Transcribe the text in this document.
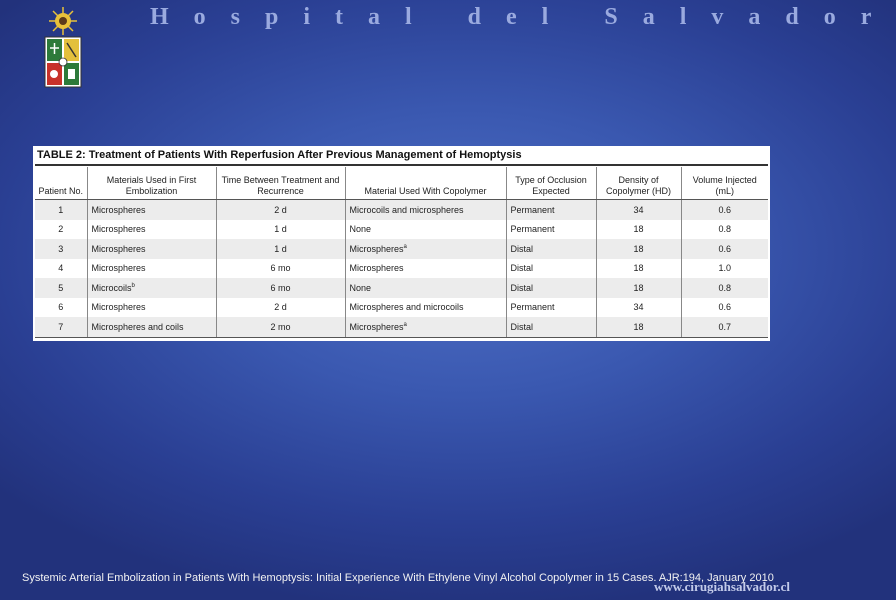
Hospital del Salvador
TABLE 2: Treatment of Patients With Reperfusion After Previous Management of Hemoptysis
Patient No.	Materials Used in First Embolization	Time Between Treatment and Recurrence	Material Used With Copolymer	Type of Occlusion Expected	Density of Copolymer (HD)	Volume Injected (mL)
1	Microspheres	2 d	Microcoils and microspheres	Permanent	34	0.6
2	Microspheres	1 d	None	Permanent	18	0.8
3	Microspheres	1 d	Microspheres$^a$	Distal	18	0.6
4	Microspheres	6 mo	Microspheres	Distal	18	1.0
5	Microcoils$^b$	6 mo	None	Distal	18	0.8
6	Microspheres	2 d	Microspheres and microcoils	Permanent	34	0.6
7	Microspheres and coils	2 mo	Microspheres$^a$	Distal	18	0.7
www.cirugiahsalvador.cl
Systemic Arterial Embolization in Patients With Hemoptysis: Initial Experience With Ethylene Vinyl Alcohol Copolymer in 15 Cases. AJR:194, January 2010
